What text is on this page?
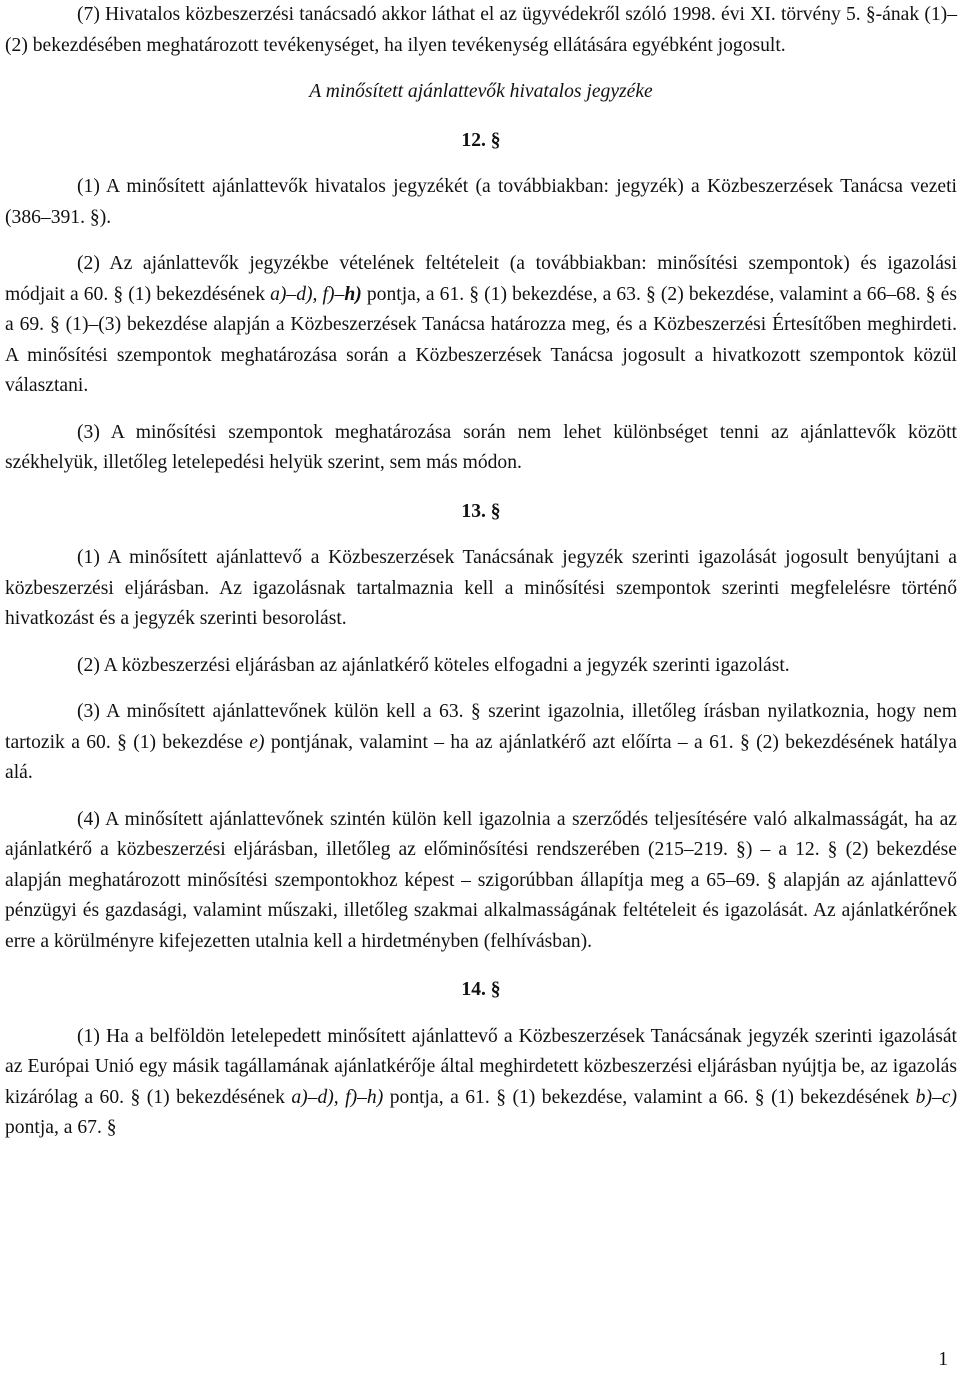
(7) Hivatalos közbeszerzési tanácsadó akkor láthat el az ügyvédekről szóló 1998. évi XI. törvény 5. §-ának (1)–(2) bekezdésében meghatározott tevékenységet, ha ilyen tevékenység ellátására egyébként jogosult.

A minősített ajánlattevők hivatalos jegyzéke

12. §

(1) A minősített ajánlattevők hivatalos jegyzékét (a továbbiakban: jegyzék) a Közbeszerzések Tanácsa vezeti (386–391. §).

(2) Az ajánlattevők jegyzékbe vételének feltételeit (a továbbiakban: minősítési szempontok) és igazolási módjait a 60. § (1) bekezdésének a)–d), f)–h) pontja, a 61. § (1) bekezdése, a 63. § (2) bekezdése, valamint a 66–68. § és a 69. § (1)–(3) bekezdése alapján a Közbeszerzések Tanácsa határozza meg, és a Közbeszerzési Értesítőben meghirdeti. A minősítési szempontok meghatározása során a Közbeszerzések Tanácsa jogosult a hivatkozott szempontok közül választani.

(3) A minősítési szempontok meghatározása során nem lehet különbséget tenni az ajánlattevők között székhelyük, illetőleg letelepedési helyük szerint, sem más módon.

13. §

(1) A minősített ajánlattevő a Közbeszerzések Tanácsának jegyzék szerinti igazolását jogosult benyújtani a közbeszerzési eljárásban. Az igazolásnak tartalmaznia kell a minősítési szempontok szerinti megfelelésre történő hivatkozást és a jegyzék szerinti besorolást.

(2) A közbeszerzési eljárásban az ajánlatkérő köteles elfogadni a jegyzék szerinti igazolást.

(3) A minősített ajánlattevőnek külön kell a 63. § szerint igazolnia, illetőleg írásban nyilatkoznia, hogy nem tartozik a 60. § (1) bekezdése e) pontjának, valamint – ha az ajánlatkérő azt előírta – a 61. § (2) bekezdésének hatálya alá.

(4) A minősített ajánlattevőnek szintén külön kell igazolnia a szerződés teljesítésére való alkalmasságát, ha az ajánlatkérő a közbeszerzési eljárásban, illetőleg az előminősítési rendszerében (215–219. §) – a 12. § (2) bekezdése alapján meghatározott minősítési szempontokhoz képest – szigorúbban állapítja meg a 65–69. § alapján az ajánlattevő pénzügyi és gazdasági, valamint műszaki, illetőleg szakmai alkalmasságának feltételeit és igazolását. Az ajánlatkérőnek erre a körülményre kifejezetten utalnia kell a hirdetményben (felhívásban).

14. §

(1) Ha a belföldön letelepedett minősített ajánlattevő a Közbeszerzések Tanácsának jegyzék szerinti igazolását az Európai Unió egy másik tagállamának ajánlatkérője által meghirdetett közbeszerzési eljárásban nyújtja be, az igazolás kizárólag a 60. § (1) bekezdésének a)–d), f)–h) pontja, a 61. § (1) bekezdése, valamint a 66. § (1) bekezdésének b)–c) pontja, a 67. §

1
